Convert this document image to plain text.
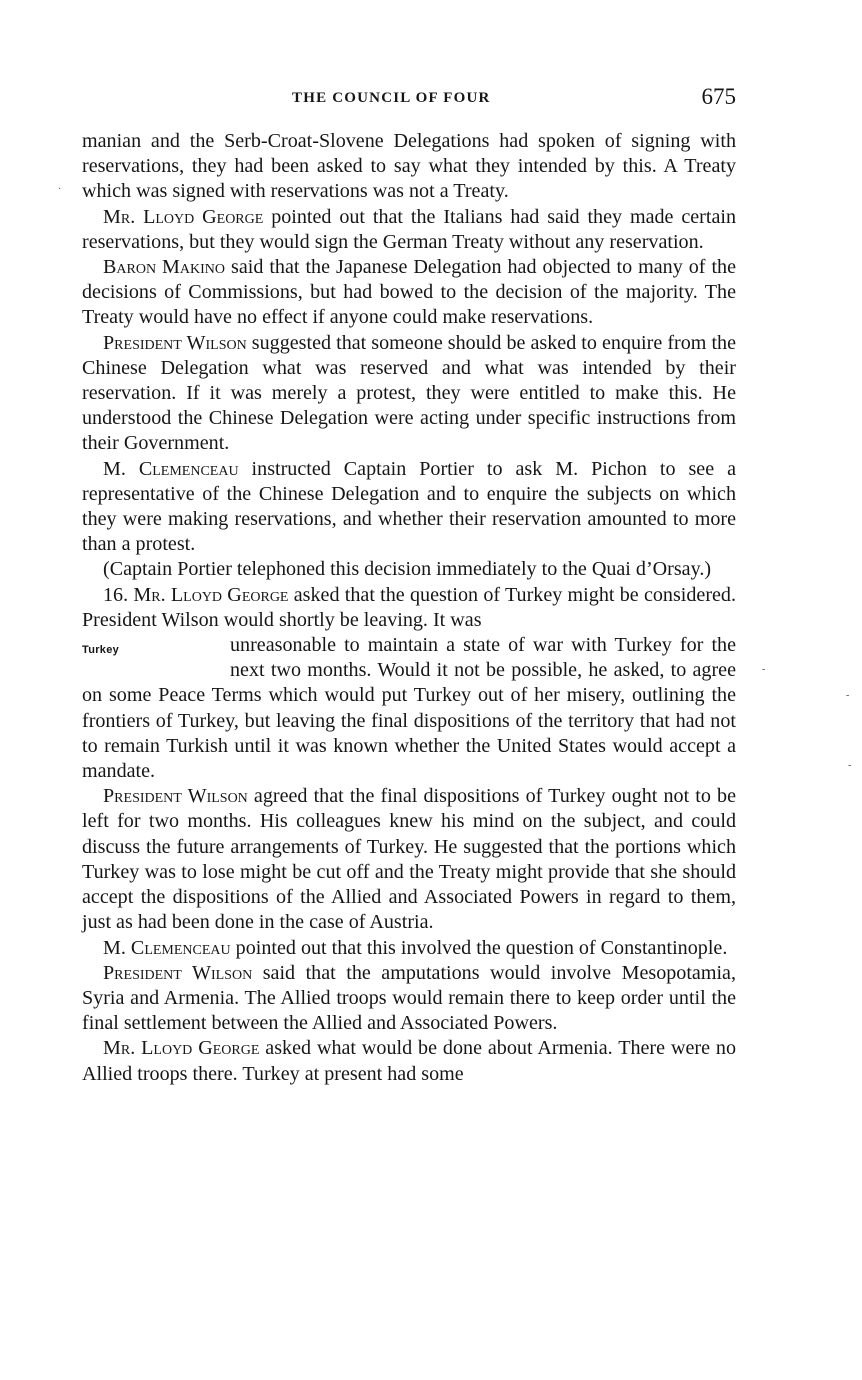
THE COUNCIL OF FOUR	675
·
-
-
-

manian and the Serb-Croat-Slovene Delegations had spoken of signing with reservations, they had been asked to say what they intended by this. A Treaty which was signed with reservations was not a Treaty.

Mr. Lloyd George pointed out that the Italians had said they made certain reservations, but they would sign the German Treaty without any reservation.

Baron Makino said that the Japanese Delegation had objected to many of the decisions of Commissions, but had bowed to the decision of the majority. The Treaty would have no effect if anyone could make reservations.

President Wilson suggested that someone should be asked to enquire from the Chinese Delegation what was reserved and what was intended by their reservation. If it was merely a protest, they were entitled to make this. He understood the Chinese Delegation were acting under specific instructions from their Government.

M. Clemenceau instructed Captain Portier to ask M. Pichon to see a representative of the Chinese Delegation and to enquire the subjects on which they were making reservations, and whether their reservation amounted to more than a protest.

(Captain Portier telephoned this decision immediately to the Quai d’Orsay.)

16. Mr. Lloyd George asked that the question of Turkey might be considered. President Wilson would shortly be leaving. It was

Turkey	unreasonable to maintain a state of war with Turkey for the next two months. Would it not be possible, he asked, to agree on some Peace Terms which would put Turkey out of her misery, outlining the frontiers of Turkey, but leaving the final dispositions of the territory that had not to remain Turkish until it was known whether the United States would accept a mandate.

President Wilson agreed that the final dispositions of Turkey ought not to be left for two months. His colleagues knew his mind on the subject, and could discuss the future arrangements of Turkey. He suggested that the portions which Turkey was to lose might be cut off and the Treaty might provide that she should accept the dispositions of the Allied and Associated Powers in regard to them, just as had been done in the case of Austria.

M. Clemenceau pointed out that this involved the question of Constantinople.

President Wilson said that the amputations would involve Mesopotamia, Syria and Armenia. The Allied troops would remain there to keep order until the final settlement between the Allied and Associated Powers.

Mr. Lloyd George asked what would be done about Armenia. There were no Allied troops there. Turkey at present had some
